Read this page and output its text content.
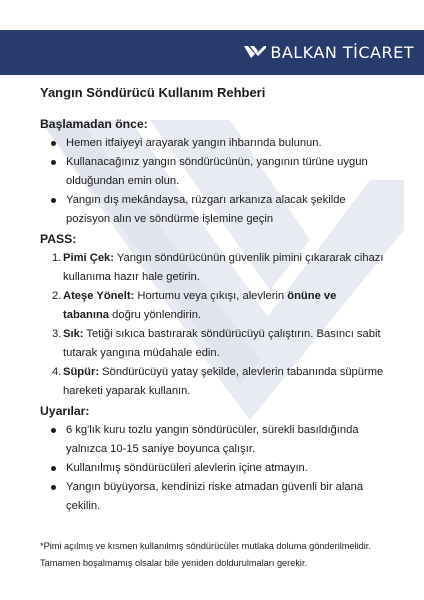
BALKAN TİCARET
Yangın Söndürücü Kullanım Rehberi
Başlamadan önce:
Hemen itfaiyeyi arayarak yangın ihbarında bulunun.
Kullanacağınız yangın söndürücünün, yangının türüne uygun olduğundan emin olun.
Yangın dış mekândaysa, rüzgarı arkanıza alacak şekilde pozisyon alın ve söndürme işlemine geçin
PASS:
1. Pimi Çek: Yangın söndürücünün güvenlik pimini çıkararak cihazı kullanıma hazır hale getirin.
2. Ateşe Yönelt: Hortumu veya çıkışı, alevlerin önüne ve tabanına doğru yönlendirin.
3. Sık: Tetiği sıkıca bastırarak söndürücüyü çalıştırın. Basıncı sabit tutarak yangına müdahale edin.
4. Süpür: Söndürücüyü yatay şekilde, alevlerin tabanında süpürme hareketi yaparak kullanın.
Uyarılar:
6 kg'lık kuru tozlu yangın söndürücüler, sürekli basıldığında yalnızca 10-15 saniye boyunca çalışır.
Kullanılmış söndürücüleri alevlerin içine atmayın.
Yangın büyüyorsa, kendinizi riske atmadan güvenli bir alana çekilin.
*Pimi açılmış ve kısmen kullanılmış söndürücüler mutlaka doluma gönderilmelidir.
Tamamen boşalmamış olsalar bile yeniden doldurulmaları gerekir.
